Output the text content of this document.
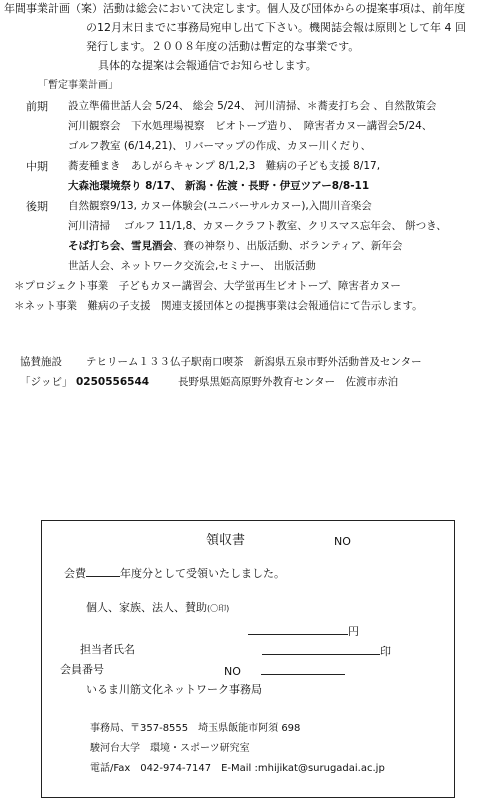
年間事業計画（案）活動は総会において決定します。個人及び団体からの提案事項は、前年度
の12月末日までに事務局宛申し出て下さい。機関誌会報は原則として年 4 回
発行します。２００８年度の活動は暫定的な事業です。
具体的な提案は会報通信でお知らせします。
「暫定事業計画」
前期 設立準備世話人会 5/24、 総会 5/24、 河川清掃、＊蕎麦打ち会 、自然散策会
河川観察会　下水処理場視察　ビオトープ造り、　障害者カヌー講習会5/24、
ゴルフ教室 (6/14,21)、リバーマップの作成、カヌー川くだり、
中期 蕎麦種まき　あしがらキャンプ 8/1,2,3　難病の子ども支援 8/17,
大森池環境祭り 8/17、 新潟・佐渡・長野・伊豆ツアー8/8-11
後期 自然観察9/13, カヌー体験会(ユニバーサルカヌー),入間川音楽会
河川清掃　 ゴルフ 11/1,8、カヌークラフト教室、クリスマス忘年会、 餅つき、
そば打ち会、雪見酒会、賽の神祭り、出版活動、ボランティア、新年会
世話人会、ネットワーク交流会,セミナー、 出版活動
＊プロジェクト事業　子どもカヌー講習会、大学蛍再生ビオトープ、障害者カヌー
＊ネット事業　難病の子支援　関連支援団体との提携事業は会報通信にて告示します。
協賛施設 テヒリーム１３３仏子駅南口喫茶　新潟県五泉市野外活動普及センター
「ジッビ」 0250556544	長野県黒姫高原野外教育センター　佐渡市赤泊
領収書	NO
会費	年度分として受領いたしました。
個人、家族、法人、賛助(〇印)
円
担当者氏名	印
会員番号	NO
いるま川筋文化ネットワーク事務局
事務局、〒357-8555　埼玉県飯能市阿須 698
駿河台大学　環境・スポーツ研究室
電話/Fax　042-974-7147　E-Mail :mhijikat@surugadai.ac.jp
